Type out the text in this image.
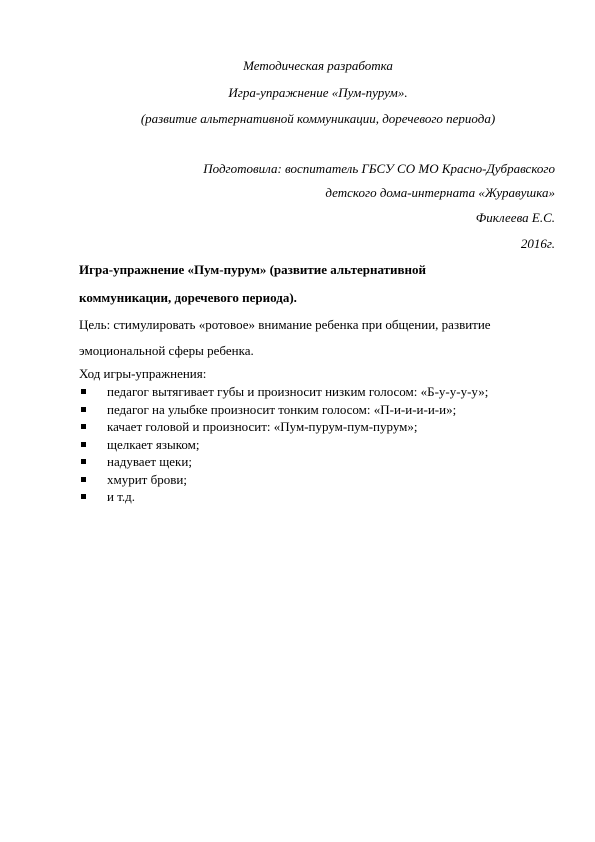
Методическая разработка
Игра-упражнение «Пум-пурум».
(развитие альтернативной коммуникации, доречевого периода)
Подготовила: воспитатель ГБСУ СО МО Красно-Дубравского
детского дома-интерната «Журавушка»
Фиклеева Е.С.
2016г.
Игра-упражнение «Пум-пурум» (развитие альтернативной
коммуникации, доречевого периода).
Цель: стимулировать «ротовое» внимание ребенка при общении, развитие
эмоциональной сферы ребенка.
Ход игры-упражнения:
педагог вытягивает губы и произносит низким голосом: «Б-у-у-у-у»;
педагог на улыбке произносит тонким голосом: «П-и-и-и-и-и»;
качает головой и произносит: «Пум-пурум-пум-пурум»;
щелкает языком;
надувает щеки;
хмурит брови;
и т.д.
